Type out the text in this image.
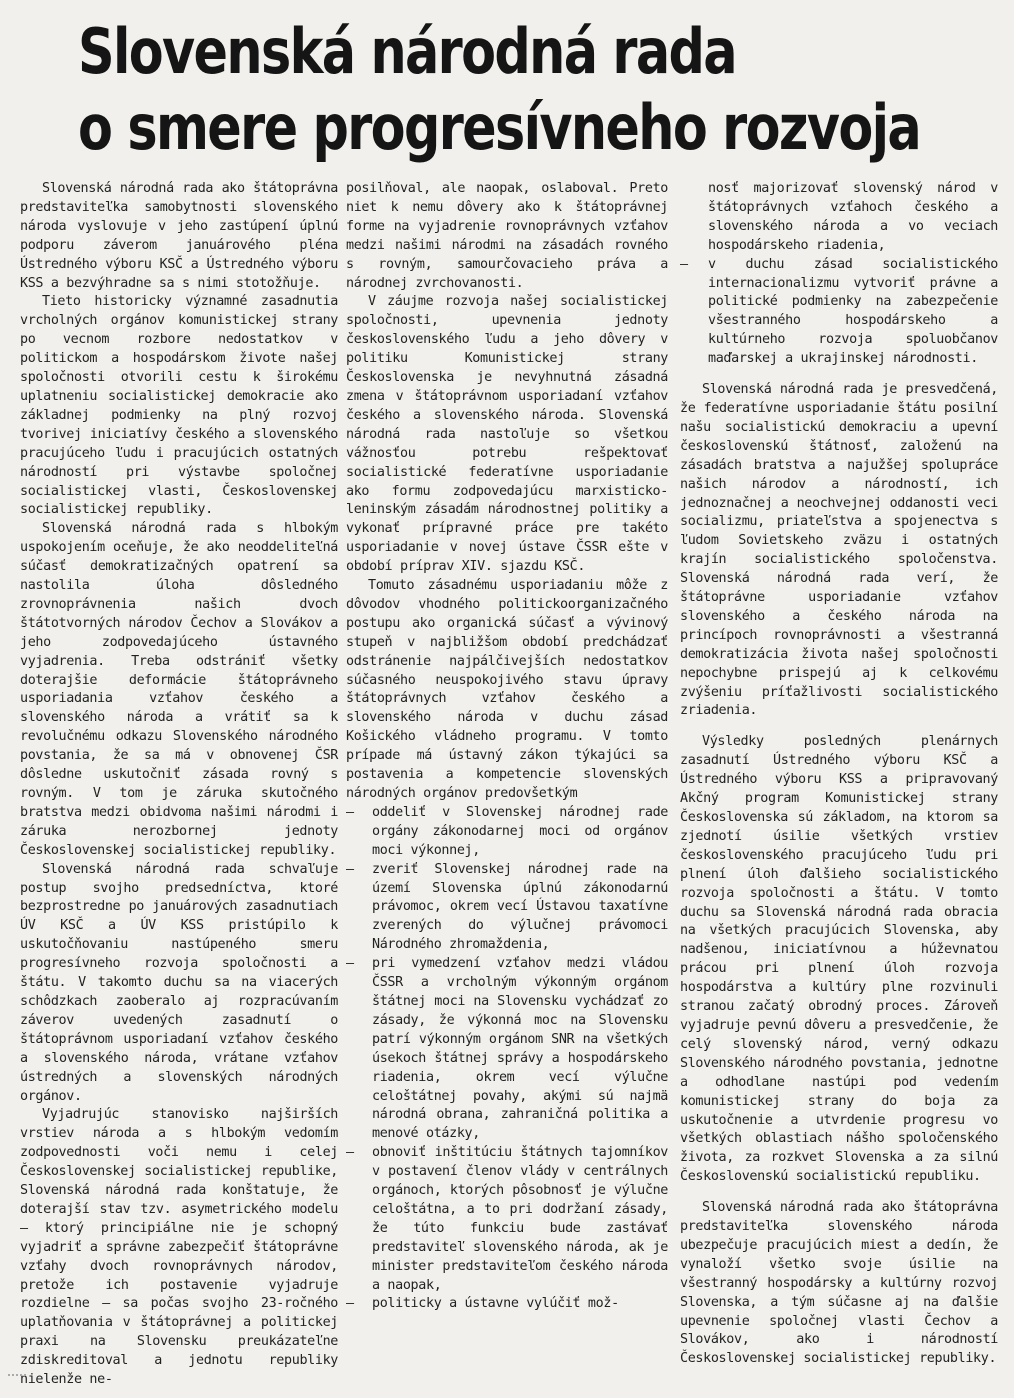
Slovenská národná rada
o smere progresívneho rozvoja

Slovenská národná rada ako štátoprávna predstaviteľka samobytnosti slovenského národa vyslovuje v jeho zastúpení úplnú podporu záverom januárového pléna Ústredného výboru KSČ a Ústredného výboru KSS a bezvýhradne sa s nimi stotožňuje.

Tieto historicky významné zasadnutia vrcholných orgánov komunistickej strany po vecnom rozbore nedostatkov v politickom a hospodárskom živote našej spoločnosti otvorili cestu k širokému uplatneniu socialistickej demokracie ako základnej podmienky na plný rozvoj tvorivej iniciatívy českého a slovenského pracujúceho ľudu i pracujúcich ostatných národností pri výstavbe spoločnej socialistickej vlasti, Československej socialistickej republiky.

Slovenská národná rada s hlbokým uspokojením oceňuje, že ako neoddeliteľná súčasť demokratizačných opatrení sa nastolila úloha dôsledného zrovnoprávnenia našich dvoch štátotvorných národov Čechov a Slovákov a jeho zodpovedajúceho ústavného vyjadrenia. Treba odstrániť všetky doterajšie deformácie štátoprávneho usporiadania vzťahov českého a slovenského národa a vrátiť sa k revolučnému odkazu Slovenského národného povstania, že sa má v obnovenej ČSR dôsledne uskutočniť zásada rovný s rovným. V tom je záruka skutočného bratstva medzi obidvoma našimi národmi i záruka nerozbornej jednoty Československej socialistickej republiky.

Slovenská národná rada schvaľuje postup svojho predsedníctva, ktoré bezprostredne po januárových zasadnutiach ÚV KSČ a ÚV KSS pristúpilo k uskutočňovaniu nastúpeného smeru progresívneho rozvoja spoločnosti a štátu. V takomto duchu sa na viacerých schôdzkach zaoberalo aj rozpracúvaním záverov uvedených zasadnutí o štátoprávnom usporiadaní vzťahov českého a slovenského národa, vrátane vzťahov ústredných a slovenských národných orgánov.

Vyjadrujúc stanovisko najširších vrstiev národa a s hlbokým vedomím zodpovednosti voči nemu i celej Československej socialistickej republike, Slovenská národná rada konštatuje, že doterajší stav tzv. asymetrického modelu — ktorý principiálne nie je schopný vyjadriť a správne zabezpečiť štátoprávne vzťahy dvoch rovnoprávnych národov, pretože ich postavenie vyjadruje rozdielne — sa počas svojho 23-ročného uplatňovania v štátoprávnej a politickej praxi na Slovensku preukázateľne zdiskreditoval a jednotu republiky nielenže ne-

posilňoval, ale naopak, oslaboval. Preto niet k nemu dôvery ako k štátoprávnej forme na vyjadrenie rovnoprávnych vzťahov medzi našimi národmi na zásadách rovného s rovným, samourčovacieho práva a národnej zvrchovanosti.

V záujme rozvoja našej socialistickej spoločnosti, upevnenia jednoty československého ľudu a jeho dôvery v politiku Komunistickej strany Československa je nevyhnutná zásadná zmena v štátoprávnom usporiadaní vzťahov českého a slovenského národa. Slovenská národná rada nastoľuje so všetkou vážnosťou potrebu rešpektovať socialistické federatívne usporiadanie ako formu zodpovedajúcu marxisticko-leninským zásadám národnostnej politiky a vykonať prípravné práce pre takéto usporiadanie v novej ústave ČSSR ešte v období príprav XIV. sjazdu KSČ.

Tomuto zásadnému usporiadaniu môže z dôvodov vhodného politickoorganizačného postupu ako organická súčasť a vývinový stupeň v najbližšom období predchádzať odstránenie najpálčivejších nedostatkov súčasného neuspokojivého stavu úpravy štátoprávnych vzťahov českého a slovenského národa v duchu zásad Košického vládneho programu. V tomto prípade má ústavný zákon týkajúci sa postavenia a kompetencie slovenských národných orgánov predovšetkým

— oddeliť v Slovenskej národnej rade orgány zákonodarnej moci od orgánov moci výkonnej,
— zveriť Slovenskej národnej rade na území Slovenska úplnú zákonodarnú právomoc, okrem vecí Ústavou taxatívne zverených do výlučnej právomoci Národného zhromaždenia,
— pri vymedzení vzťahov medzi vládou ČSSR a vrcholným výkonným orgánom štátnej moci na Slovensku vychádzať zo zásady, že výkonná moc na Slovensku patrí výkonným orgánom SNR na všetkých úsekoch štátnej správy a hospodárskeho riadenia, okrem vecí výlučne celoštátnej povahy, akými sú najmä národná obrana, zahraničná politika a menové otázky,
— obnoviť inštitúciu štátnych tajomníkov v postavení členov vlády v centrálnych orgánoch, ktorých pôsobnosť je výlučne celoštátna, a to pri dodržaní zásady, že túto funkciu bude zastávať predstaviteľ slovenského národa, ak je minister predstaviteľom českého národa a naopak,
— politicky a ústavne vylúčiť mož-
nosť majorizovať slovenský národ v štátoprávnych vzťahoch českého a slovenského národa a vo veciach hospodárskeho riadenia,
— v duchu zásad socialistického internacionalizmu vytvoriť právne a politické podmienky na zabezpečenie všestranného hospodárskeho a kultúrneho rozvoja spoluobčanov maďarskej a ukrajinskej národnosti.

Slovenská národná rada je presvedčená, že federatívne usporiadanie štátu posilní našu socialistickú demokraciu a upevní československú štátnosť, založenú na zásadách bratstva a najužšej spolupráce našich národov a národností, ich jednoznačnej a neochvejnej oddanosti veci socializmu, priateľstva a spojenectva s ľudom Sovietskeho zväzu i ostatných krajín socialistického spoločenstva. Slovenská národná rada verí, že štátoprávne usporiadanie vzťahov slovenského a českého národa na princípoch rovnoprávnosti a všestranná demokratizácia života našej spoločnosti nepochybne prispejú aj k celkovému zvýšeniu príťažlivosti socialistického zriadenia.

Výsledky posledných plenárnych zasadnutí Ústredného výboru KSČ a Ústredného výboru KSS a pripravovaný Akčný program Komunistickej strany Československa sú základom, na ktorom sa zjednotí úsilie všetkých vrstiev československého pracujúceho ľudu pri plnení úloh ďalšieho socialistického rozvoja spoločnosti a štátu. V tomto duchu sa Slovenská národná rada obracia na všetkých pracujúcich Slovenska, aby nadšenou, iniciatívnou a húževnatou prácou pri plnení úloh rozvoja hospodárstva a kultúry plne rozvinuli stranou začatý obrodný proces. Zároveň vyjadruje pevnú dôveru a presvedčenie, že celý slovenský národ, verný odkazu Slovenského národného povstania, jednotne a odhodlane nastúpi pod vedením komunistickej strany do boja za uskutočnenie a utvrdenie progresu vo všetkých oblastiach nášho spoločenského života, za rozkvet Slovenska a za silnú Československú socialistickú republiku.

Slovenská národná rada ako štátoprávna predstaviteľka slovenského národa ubezpečuje pracujúcich miest a dedín, že vynaloží všetko svoje úsilie na všestranný hospodársky a kultúrny rozvoj Slovenska, a tým súčasne aj na ďalšie upevnenie spoločnej vlasti Čechov a Slovákov, ako i národností Československej socialistickej republiky.
